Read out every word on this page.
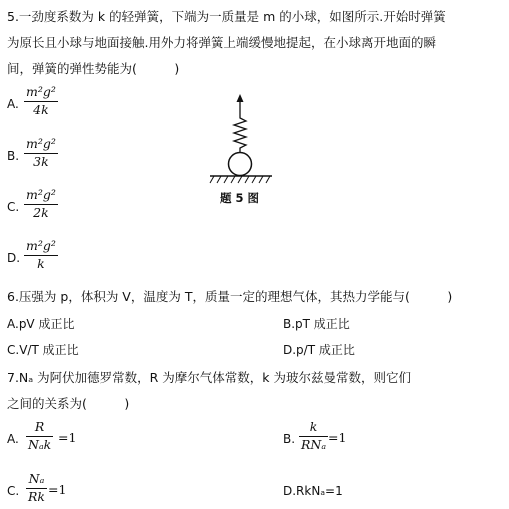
5.一劲度系数为 k 的轻弹簧，下端为一质量是 m 的小球，如图所示.开始时弹簧
为原长且小球与地面接触.用外力将弹簧上端缓慢地提起，在小球离开地面的瞬
间，弹簧的弹性势能为(　　　)
A.
m²g²
4k
B.
m²g²
3k
C.
m²g²
2k
D.
m²g²
k
题 5 图
6.压强为 p，体积为 V，温度为 T，质量一定的理想气体，其热力学能与(　　　)
A.pV 成正比	B.pT 成正比
C.V/T 成正比	D.p/T 成正比
7.Nₐ 为阿伏加德罗常数，R 为摩尔气体常数，k 为玻尔兹曼常数，则它们
之间的关系为(　　　)
A.
R
Nₐk =1	B.
k
RNₐ =1
C.
Nₐ
Rk =1	D.RkNₐ=1
